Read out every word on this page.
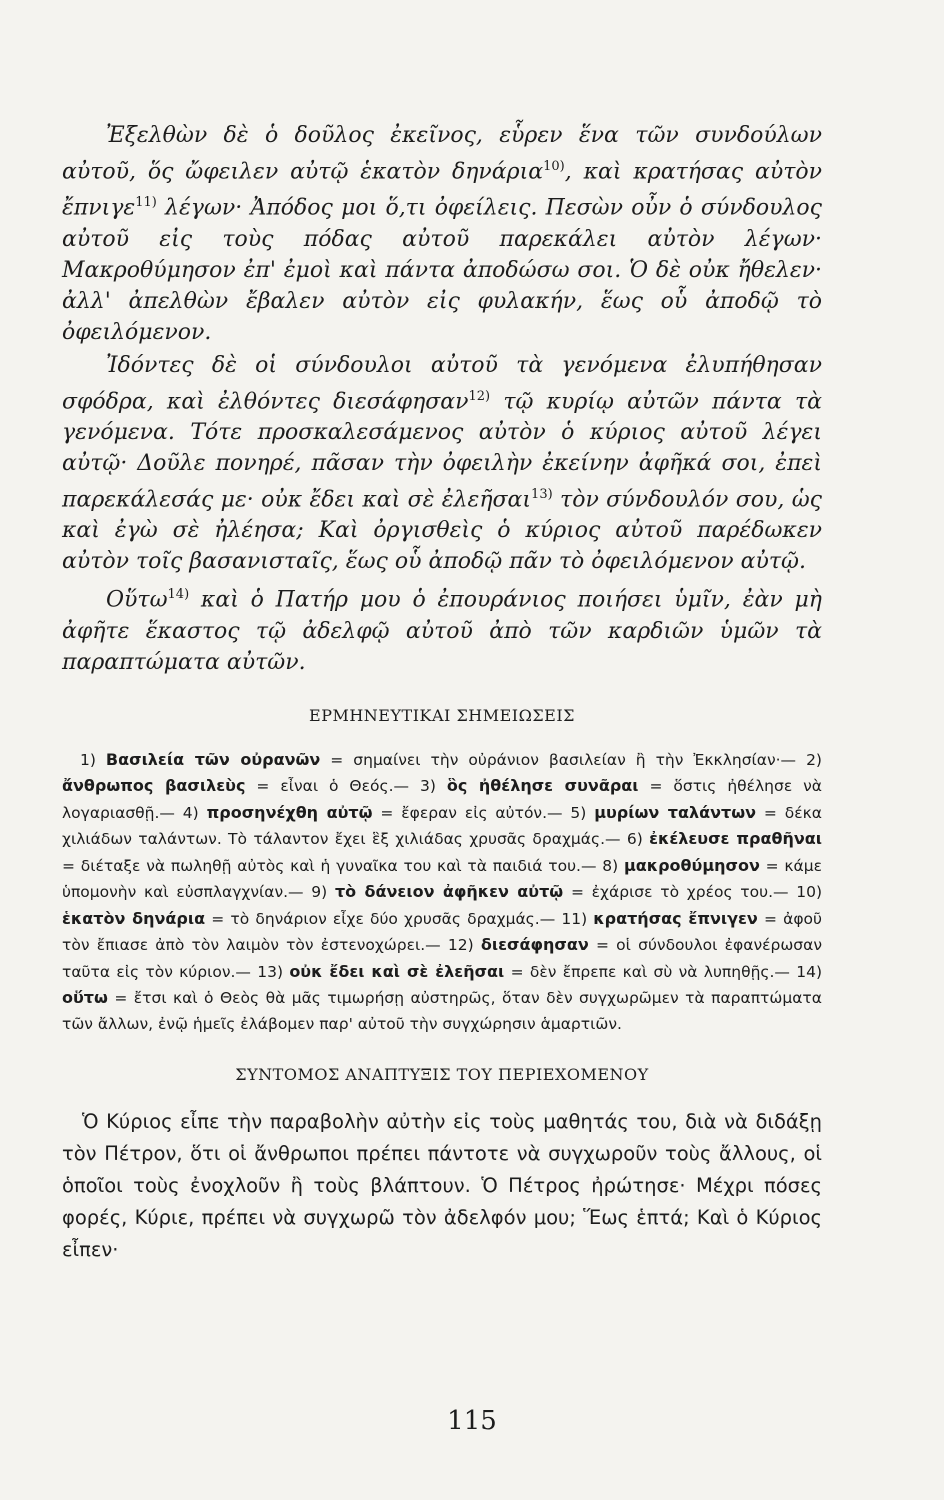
Ἐξελθὼν δὲ ὁ δοῦλος ἐκεῖνος, εὗρεν ἕνα τῶν συνδούλων αὐτοῦ, ὅς ὤφειλεν αὐτῷ ἑκατὸν δηνάρια$^{10)}$, καὶ κρατήσας αὐτὸν ἔπνιγε$^{11)}$ λέγων· Ἀπόδος μοι ὅ,τι ὀφείλεις. Πεσὼν οὖν ὁ σύνδουλος αὐτοῦ εἰς τοὺς πόδας αὐτοῦ παρεκάλει αὐτὸν λέγων· Μακροθύμησον ἐπ' ἐμοὶ καὶ πάντα ἀποδώσω σοι. Ὁ δὲ οὐκ ἤθελεν· ἀλλ' ἀπελθὼν ἔβαλεν αὐτὸν εἰς φυλακήν, ἕως οὗ ἀποδῷ τὸ ὀφειλόμενον.

Ἰδόντες δὲ οἱ σύνδουλοι αὐτοῦ τὰ γενόμενα ἐλυπήθησαν σφόδρα, καὶ ἐλθόντες διεσάφησαν$^{12)}$ τῷ κυρίῳ αὐτῶν πάντα τὰ γενόμενα. Τότε προσκαλεσάμενος αὐτὸν ὁ κύριος αὐτοῦ λέγει αὐτῷ· Δοῦλε πονηρέ, πᾶσαν τὴν ὀφειλὴν ἐκείνην ἀφῆκά σοι, ἐπεὶ παρεκάλεσάς με· οὐκ ἔδει καὶ σὲ ἐλεῆσαι$^{13)}$ τὸν σύνδουλόν σου, ὡς καὶ ἐγὼ σὲ ἠλέησα; Καὶ ὀργισθεὶς ὁ κύριος αὐτοῦ παρέδωκεν αὐτὸν τοῖς βασανισταῖς, ἕως οὗ ἀποδῷ πᾶν τὸ ὀφειλόμενον αὐτῷ.

Οὕτω$^{14)}$ καὶ ὁ Πατήρ μου ὁ ἐπουράνιος ποιήσει ὑμῖν, ἐὰν μὴ ἀφῆτε ἕκαστος τῷ ἀδελφῷ αὐτοῦ ἀπὸ τῶν καρδιῶν ὑμῶν τὰ παραπτώματα αὐτῶν.

ΕΡΜΗΝΕΥΤΙΚΑΙ ΣΗΜΕΙΩΣΕΙΣ

1) Βασιλεία τῶν οὐρανῶν = σημαίνει τὴν οὐράνιον βασιλείαν ἢ τὴν Ἐκκλησίαν·— 2) ἄνθρωπος βασιλεὺς = εἶναι ὁ Θεός.— 3) ὃς ἠθέλησε συνᾶραι = ὅστις ἠθέλησε νὰ λογαριασθῇ.— 4) προσηνέχθη αὐτῷ = ἔφεραν εἰς αὐτόν.— 5) μυρίων ταλάντων = δέκα χιλιάδων ταλάντων. Τὸ τάλαντον ἔχει ἓξ χιλιάδας χρυσᾶς δραχμάς.— 6) ἐκέλευσε πραθῆναι = διέταξε νὰ πωληθῇ αὐτὸς καὶ ἡ γυναῖκα του καὶ τὰ παιδιά του.— 8) μακροθύμησον = κάμε ὑπομονὴν καὶ εὐσπλαγχνίαν.— 9) τὸ δάνειον ἀφῆκεν αὐτῷ = ἐχάρισε τὸ χρέος του.— 10) ἑκατὸν δηνάρια = τὸ δηνάριον εἶχε δύο χρυσᾶς δραχμάς.— 11) κρατήσας ἔπνιγεν = ἀφοῦ τὸν ἔπιασε ἀπὸ τὸν λαιμὸν τὸν ἐστενοχώρει.— 12) διεσάφησαν = οἱ σύνδουλοι ἐφανέρωσαν ταῦτα εἰς τὸν κύριον.— 13) οὐκ ἔδει καὶ σὲ ἐλεῆσαι = δὲν ἔπρεπε καὶ σὺ νὰ λυπηθῇς.— 14) οὕτω = ἔτσι καὶ ὁ Θεὸς θὰ μᾶς τιμωρήσῃ αὐστηρῶς, ὅταν δὲν συγχωρῶμεν τὰ παραπτώματα τῶν ἄλλων, ἐνῷ ἡμεῖς ἐλάβομεν παρ' αὐτοῦ τὴν συγχώρησιν ἁμαρτιῶν.

ΣΥΝΤΟΜΟΣ ΑΝΑΠΤΥΞΙΣ ΤΟΥ ΠΕΡΙΕΧΟΜΕΝΟΥ

Ὁ Κύριος εἶπε τὴν παραβολὴν αὐτὴν εἰς τοὺς μαθητάς του, διὰ νὰ διδάξῃ τὸν Πέτρον, ὅτι οἱ ἄνθρωποι πρέπει πάντοτε νὰ συγχωροῦν τοὺς ἄλλους, οἱ ὁποῖοι τοὺς ἐνοχλοῦν ἢ τοὺς βλάπτουν. Ὁ Πέτρος ἠρώτησε· Μέχρι πόσες φορές, Κύριε, πρέπει νὰ συγχωρῶ τὸν ἀδελφόν μου; Ἕως ἑπτά; Καὶ ὁ Κύριος εἶπεν·

115
